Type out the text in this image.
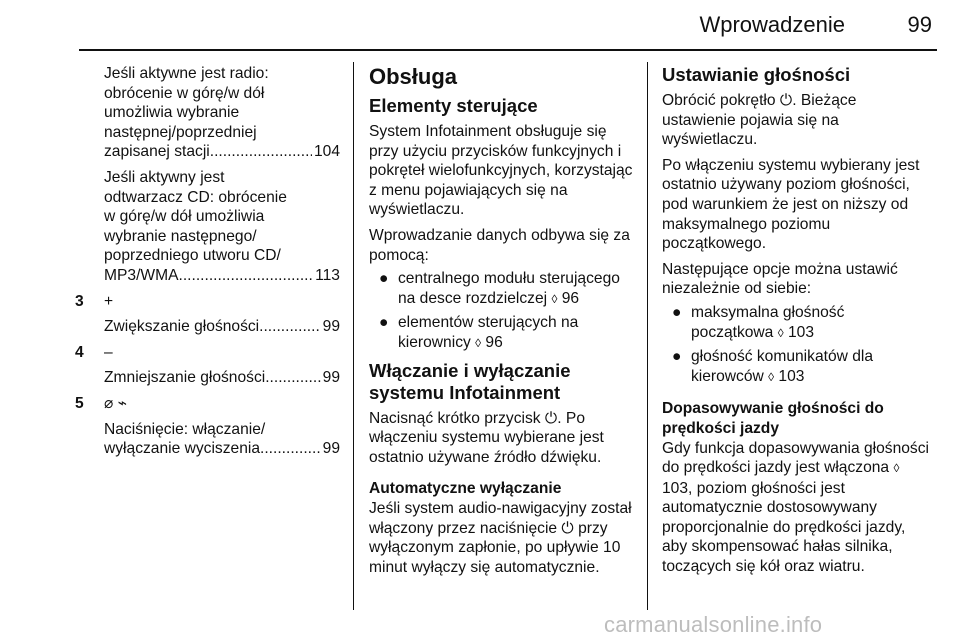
Wprowadzenie	99

Jeśli aktywne jest radio:

obrócenie w górę/w dół

umożliwia wybranie

następnej/poprzedniej

zapisanej stacji .....	104

Jeśli aktywny jest

odtwarzacz CD: obrócenie

w górę/w dół umożliwia

wybranie następnego/

poprzedniego utworu CD/

MP3/WMA .....	113
3 +

Zwiększanie głośności .....	99
4 –

Zmniejszanie głośności .....	99
5 ⌀ ⌁

Naciśnięcie: włączanie/

wyłączanie wyciszenia .....	99
Obsługa
Elementy sterujące

System Infotainment obsługuje się przy użyciu przycisków funkcyjnych i pokręteł wielofunkcyjnych, korzystając z menu pojawiających się na wyświetlaczu.

Wprowadzanie danych odbywa się za pomocą:

● centralnego modułu sterującego na desce rozdzielczej ◊ 96
● elementów sterujących na kierownicy ◊ 96
Włączanie i wyłączanie systemu Infotainment

Nacisnąć krótko przycisk ⏻. Po włączeniu systemu wybierane jest ostatnio używane źródło dźwięku.

Automatyczne wyłączanie

Jeśli system audio-nawigacyjny został włączony przez naciśnięcie ⏻ przy wyłączonym zapłonie, po upływie 10 minut wyłączy się automatycznie.

Ustawianie głośności

Obrócić pokrętło ⏻. Bieżące ustawienie pojawia się na wyświetlaczu.

Po włączeniu systemu wybierany jest ostatnio używany poziom głośności, pod warunkiem że jest on niższy od maksymalnego poziomu początkowego.

Następujące opcje można ustawić niezależnie od siebie:

● maksymalna głośność początkowa ◊ 103
● głośność komunikatów dla kierowców ◊ 103
Dopasowywanie głośności do prędkości jazdy

Gdy funkcja dopasowywania głośności do prędkości jazdy jest włączona ◊ 103, poziom głośności jest automatycznie dostosowywany proporcjonalnie do prędkości jazdy, aby skompensować hałas silnika, toczących się kół oraz wiatru.

carmanualsonline.info
